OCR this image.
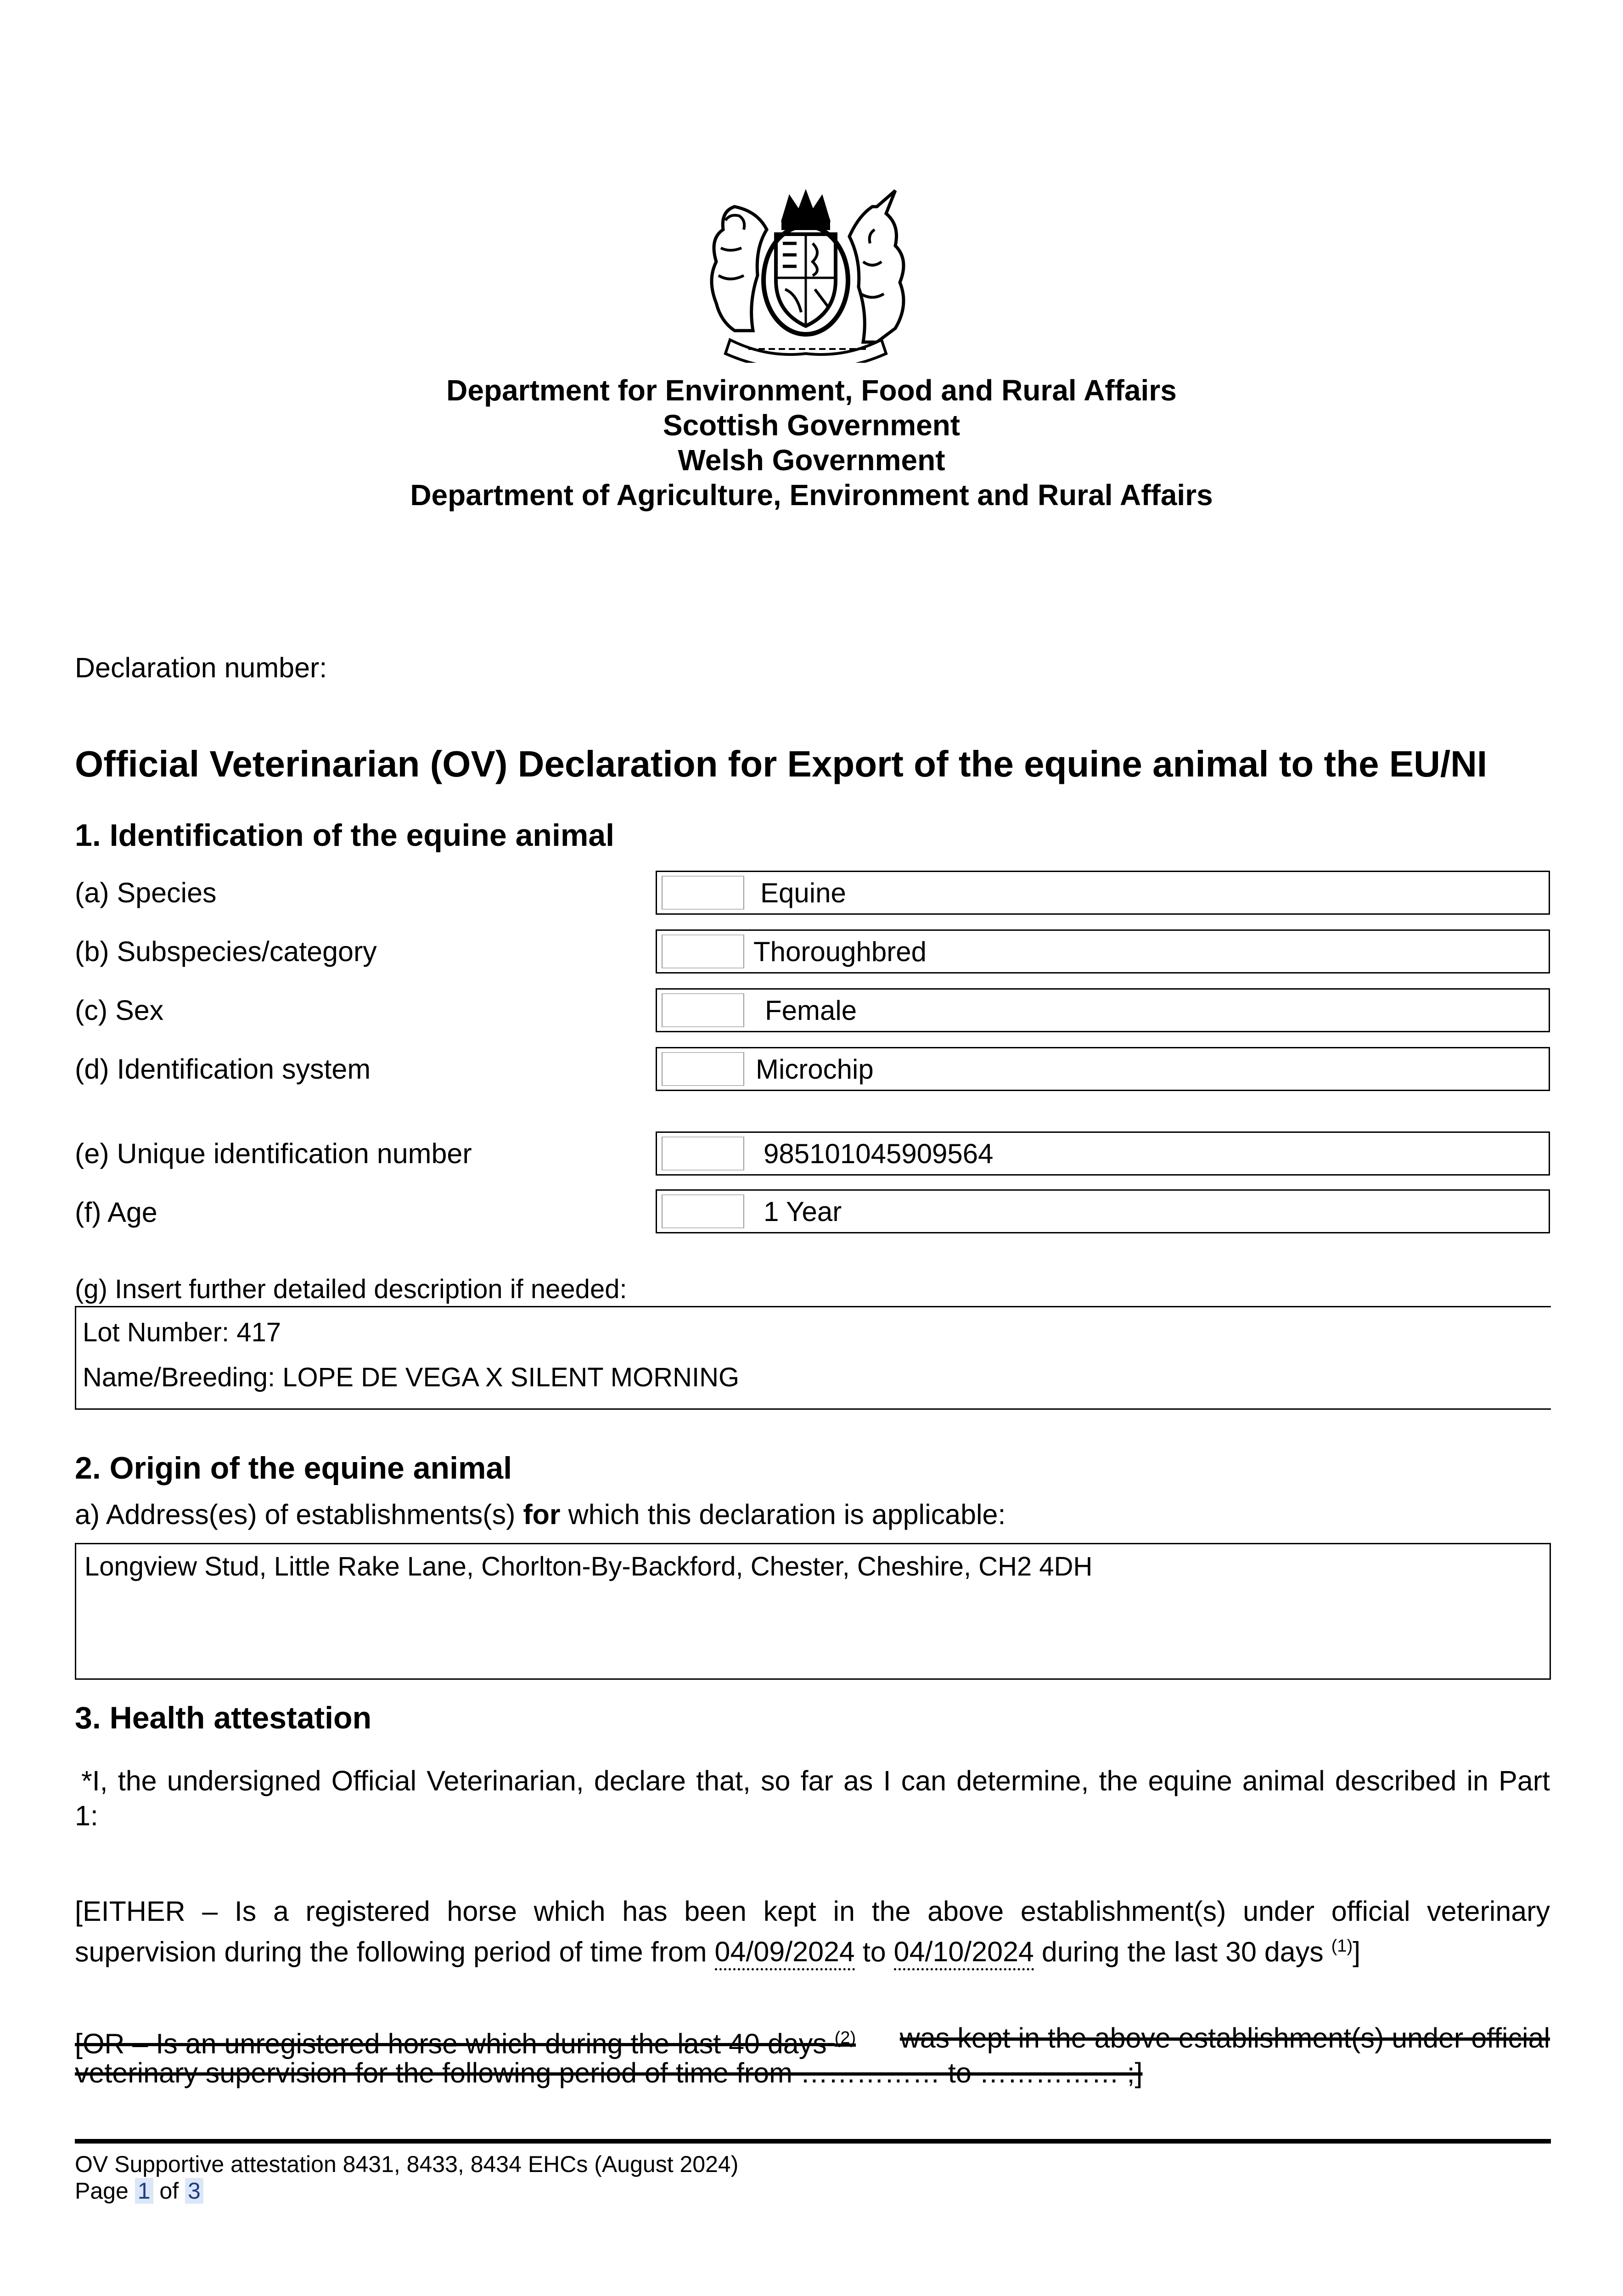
Department for Environment, Food and Rural Affairs
Scottish Government
Welsh Government
Department of Agriculture, Environment and Rural Affairs
Declaration number:
Official Veterinarian (OV) Declaration for Export of the equine animal to the EU/NI
1. Identification of the equine animal
(a) Species	Equine
(b) Subspecies/category	Thoroughbred
(c) Sex	Female
(d) Identification system	Microchip
(e) Unique identification number	985101045909564
(f) Age	1 Year
(g) Insert further detailed description if needed:
Lot Number: 417
Name/Breeding: LOPE DE VEGA X SILENT MORNING
2. Origin of the equine animal
a) Address(es) of establishments(s) for which this declaration is applicable:
Longview Stud, Little Rake Lane, Chorlton-By-Backford, Chester, Cheshire, CH2 4DH
3. Health attestation
*I, the undersigned Official Veterinarian, declare that, so far as I can determine, the equine animal described in Part
1:
[EITHER – Is a registered horse which has been kept in the above establishment(s) under official veterinary
supervision during the following period of time from 04/09/2024 to 04/10/2024 during the last 30 days $^{(1)}$]
[OR – Is an unregistered horse which during the last 40 days $^{(2)}$ was kept in the above establishment(s) under official
veterinary supervision for the following period of time from …………… to …………… ;]
OV Supportive attestation 8431, 8433, 8434 EHCs (August 2024)
Page 1 of 3
